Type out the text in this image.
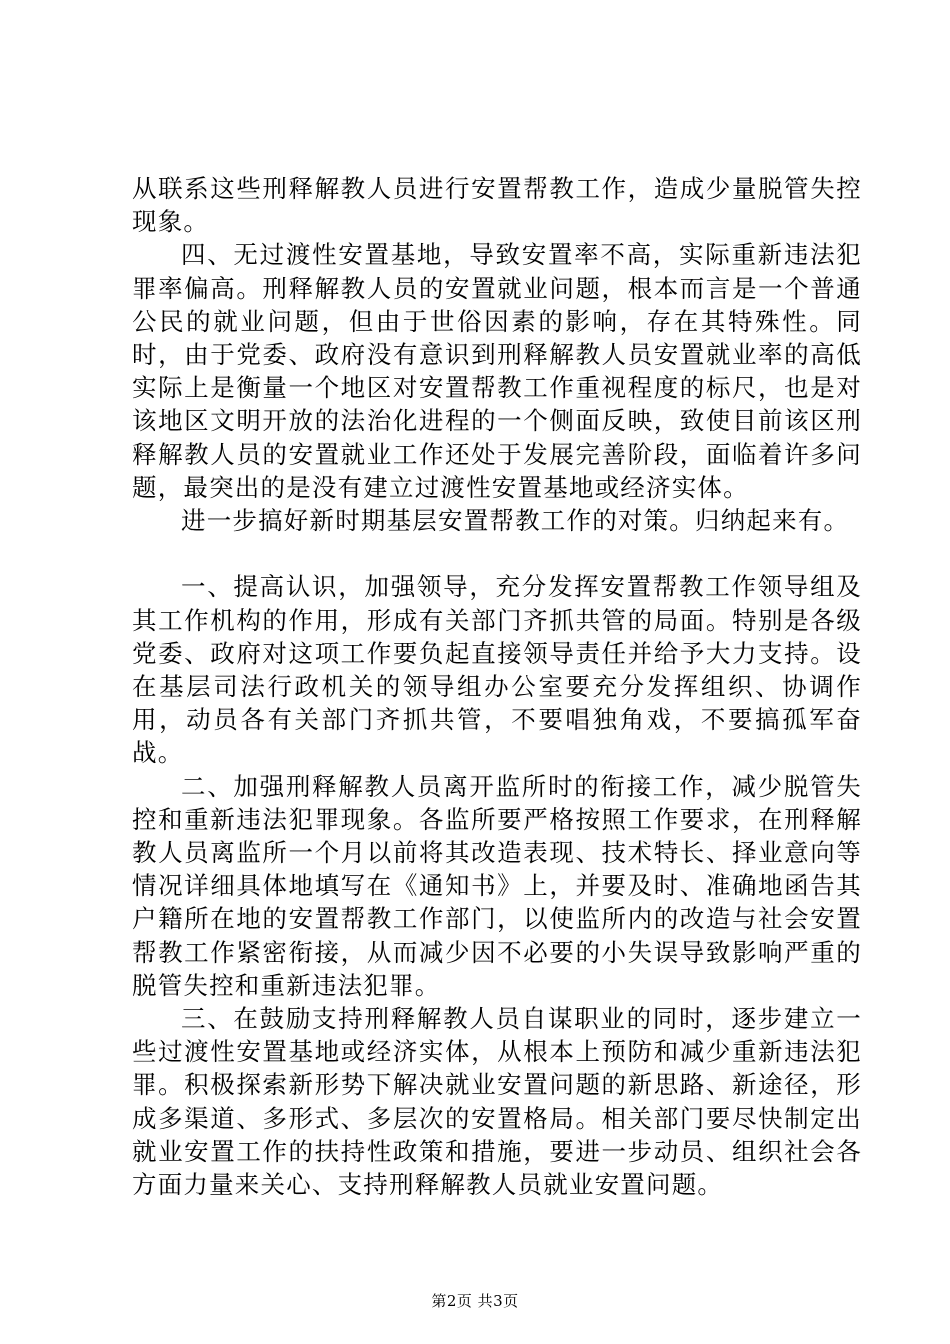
从联系这些刑释解教人员进行安置帮教工作，造成少量脱管失控现象。

四、无过渡性安置基地，导致安置率不高，实际重新违法犯罪率偏高。刑释解教人员的安置就业问题，根本而言是一个普通公民的就业问题，但由于世俗因素的影响，存在其特殊性。同时，由于党委、政府没有意识到刑释解教人员安置就业率的高低实际上是衡量一个地区对安置帮教工作重视程度的标尺，也是对该地区文明开放的法治化进程的一个侧面反映，致使目前该区刑释解教人员的安置就业工作还处于发展完善阶段，面临着许多问题，最突出的是没有建立过渡性安置基地或经济实体。

进一步搞好新时期基层安置帮教工作的对策。归纳起来有。

一、提高认识，加强领导，充分发挥安置帮教工作领导组及其工作机构的作用，形成有关部门齐抓共管的局面。特别是各级党委、政府对这项工作要负起直接领导责任并给予大力支持。设在基层司法行政机关的领导组办公室要充分发挥组织、协调作用，动员各有关部门齐抓共管，不要唱独角戏，不要搞孤军奋战。

二、加强刑释解教人员离开监所时的衔接工作，减少脱管失控和重新违法犯罪现象。各监所要严格按照工作要求，在刑释解教人员离监所一个月以前将其改造表现、技术特长、择业意向等情况详细具体地填写在《通知书》上，并要及时、准确地函告其户籍所在地的安置帮教工作部门，以使监所内的改造与社会安置帮教工作紧密衔接，从而减少因不必要的小失误导致影响严重的脱管失控和重新违法犯罪。

三、在鼓励支持刑释解教人员自谋职业的同时，逐步建立一些过渡性安置基地或经济实体，从根本上预防和减少重新违法犯罪。积极探索新形势下解决就业安置问题的新思路、新途径，形成多渠道、多形式、多层次的安置格局。相关部门要尽快制定出就业安置工作的扶持性政策和措施，要进一步动员、组织社会各方面力量来关心、支持刑释解教人员就业安置问题。

第2页 共3页
